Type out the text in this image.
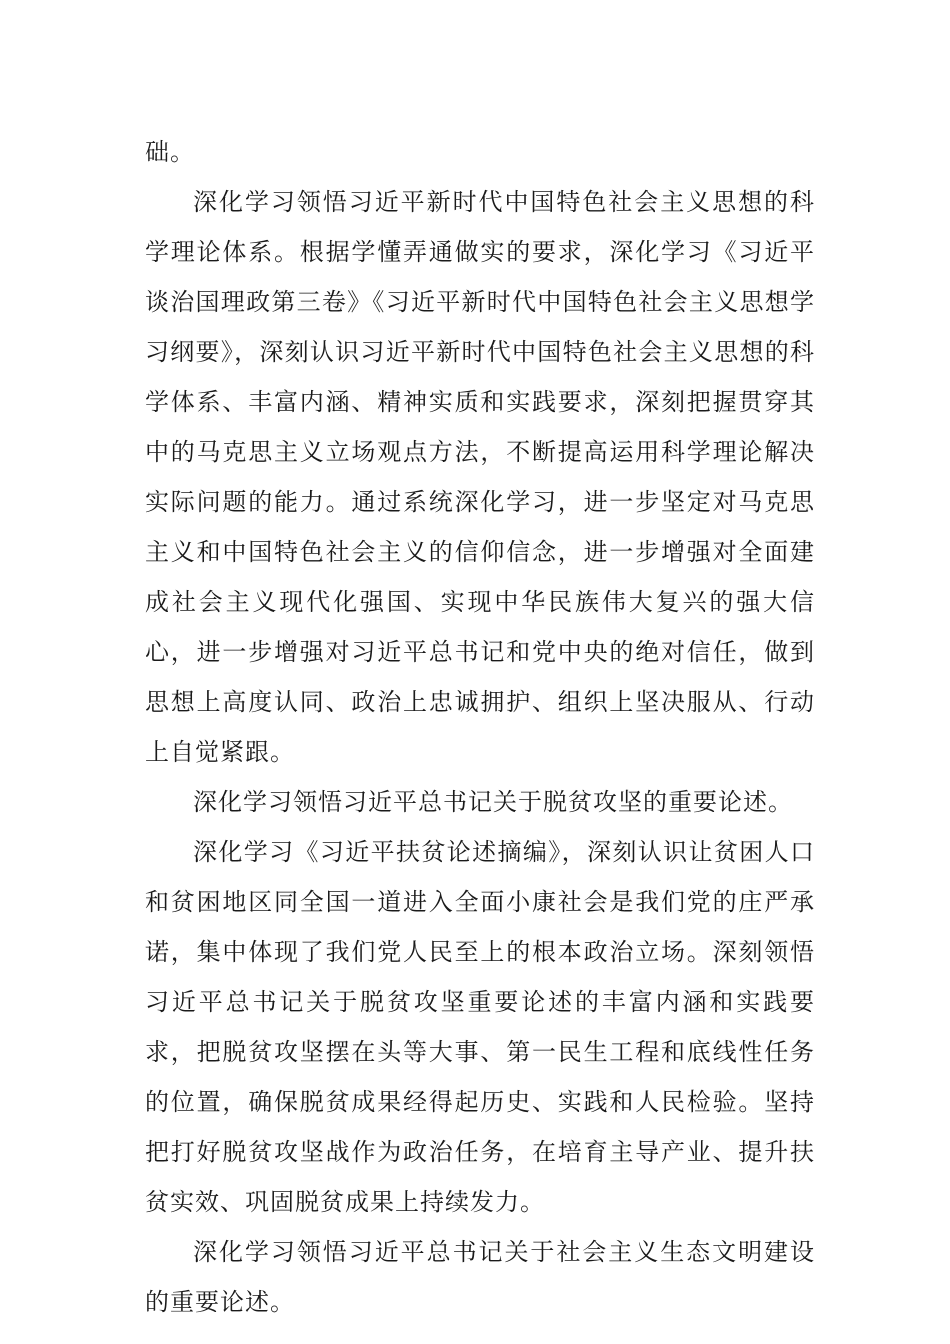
础。

深化学习领悟习近平新时代中国特色社会主义思想的科学理论体系。根据学懂弄通做实的要求，深化学习《习近平谈治国理政第三卷》《习近平新时代中国特色社会主义思想学习纲要》，深刻认识习近平新时代中国特色社会主义思想的科学体系、丰富内涵、精神实质和实践要求，深刻把握贯穿其中的马克思主义立场观点方法，不断提高运用科学理论解决实际问题的能力。通过系统深化学习，进一步坚定对马克思主义和中国特色社会主义的信仰信念，进一步增强对全面建成社会主义现代化强国、实现中华民族伟大复兴的强大信心，进一步增强对习近平总书记和党中央的绝对信任，做到思想上高度认同、政治上忠诚拥护、组织上坚决服从、行动上自觉紧跟。

深化学习领悟习近平总书记关于脱贫攻坚的重要论述。

深化学习《习近平扶贫论述摘编》，深刻认识让贫困人口和贫困地区同全国一道进入全面小康社会是我们党的庄严承诺，集中体现了我们党人民至上的根本政治立场。深刻领悟习近平总书记关于脱贫攻坚重要论述的丰富内涵和实践要求，把脱贫攻坚摆在头等大事、第一民生工程和底线性任务的位置，确保脱贫成果经得起历史、实践和人民检验。坚持把打好脱贫攻坚战作为政治任务，在培育主导产业、提升扶贫实效、巩固脱贫成果上持续发力。

深化学习领悟习近平总书记关于社会主义生态文明建设的重要论述。
